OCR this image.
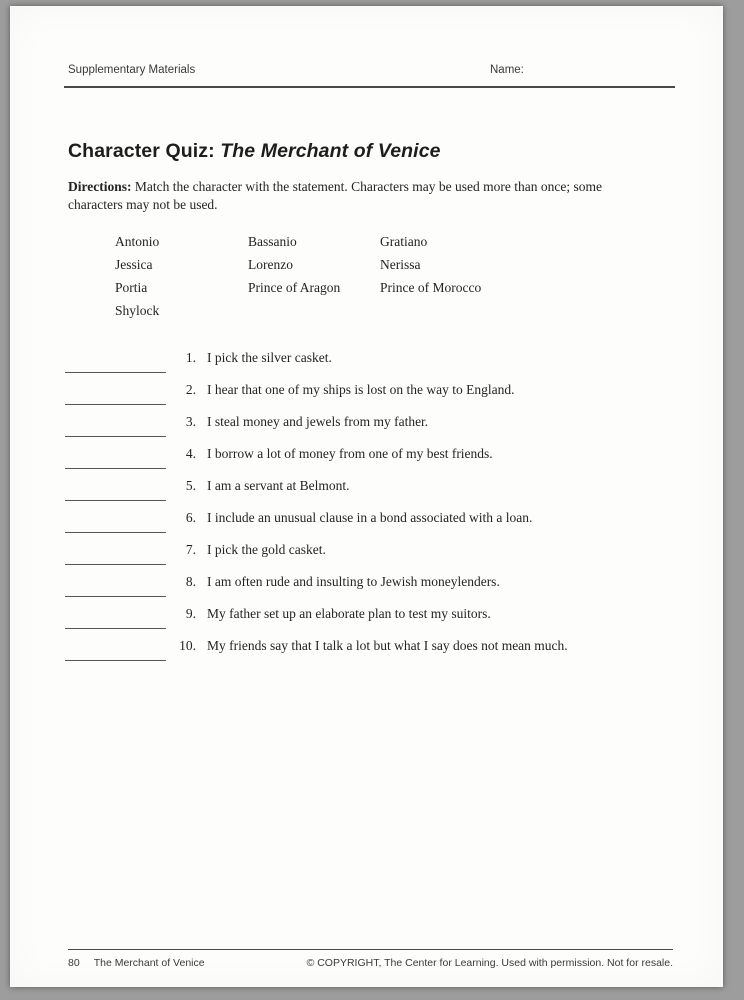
Supplementary Materials	Name:
Character Quiz: The Merchant of Venice
Directions: Match the character with the statement. Characters may be used more than once; some characters may not be used.
Antonio
Jessica
Portia
Shylock
Bassanio
Lorenzo
Prince of Aragon
Gratiano
Nerissa
Prince of Morocco
1. I pick the silver casket.
2. I hear that one of my ships is lost on the way to England.
3. I steal money and jewels from my father.
4. I borrow a lot of money from one of my best friends.
5. I am a servant at Belmont.
6. I include an unusual clause in a bond associated with a loan.
7. I pick the gold casket.
8. I am often rude and insulting to Jewish moneylenders.
9. My father set up an elaborate plan to test my suitors.
10. My friends say that I talk a lot but what I say does not mean much.
80 The Merchant of Venice	© COPYRIGHT, The Center for Learning. Used with permission. Not for resale.
